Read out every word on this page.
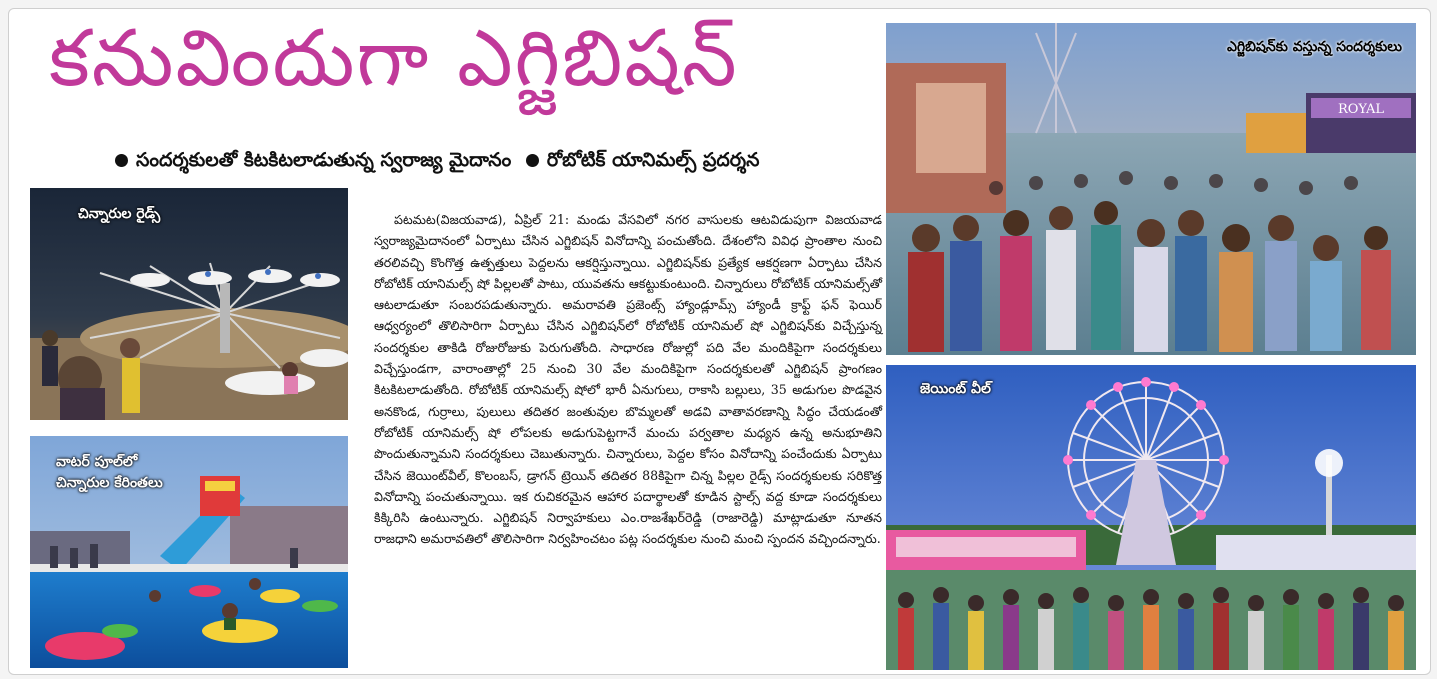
కనువిందుగా ఎగ్జిబిషన్
సందర్శకులతో కిటకిటలాడుతున్న స్వరాజ్య మైదానం రోబోటిక్ యానిమల్స్ ప్రదర్శన
చిన్నారుల రైడ్స్
వాటర్ పూల్‌లో
చిన్నారుల కేరింతలు

పటమట(విజయవాడ), ఏప్రిల్ 21: మండు వేసవిలో నగర వాసులకు ఆటవిడుపుగా విజయవాడ స్వరాజ్యమైదానంలో ఏర్పాటు చేసిన ఎగ్జిబిషన్ వినోదాన్ని పంచుతోంది. దేశంలోని వివిధ ప్రాంతాల నుంచి తరలివచ్చి కొంగొత్త ఉత్పత్తులు పెద్దలను ఆకర్షిస్తున్నాయి. ఎగ్జిబిషన్‌కు ప్రత్యేక ఆకర్షణగా ఏర్పాటు చేసిన రోబోటిక్ యానిమల్స్ షో పిల్లలతో పాటు, యువతను ఆకట్టుకుంటుంది. చిన్నారులు రోబోటిక్ యానిమల్స్‌తో ఆటలాడుతూ సంబరపడుతున్నారు. అమరావతి ప్రజెంట్స్ హ్యాండ్లూమ్స్ హ్యాండీ క్రాఫ్ట్ ఫన్ ఫెయిర్ ఆధ్వర్యంలో తొలిసారిగా ఏర్పాటు చేసిన ఎగ్జిబిషన్‌లో రోబోటిక్ యానిమల్ షో ఎగ్జిబిషన్‌కు విచ్చేస్తున్న సందర్శకుల తాకిడి రోజురోజుకు పెరుగుతోంది. సాధారణ రోజుల్లో పది వేల మందికిపైగా సందర్శకులు విచ్చేస్తుండగా, వారాంతాల్లో 25 నుంచి 30 వేల మందికిపైగా సందర్శకులతో ఎగ్జిబిషన్ ప్రాంగణం కిటకిటలాడుతోంది. రోబోటిక్ యానిమల్స్ షోలో భారీ ఏనుగులు, రాకాసి బల్లులు, 35 అడుగుల పొడవైన అనకొండ, గుర్రాలు, పులులు తదితర జంతువుల బొమ్మలతో అడవి వాతావరణాన్ని సిద్ధం చేయడంతో రోబోటిక్ యానిమల్స్ షో లోపలకు అడుగుపెట్టగానే మంచు పర్వతాల మధ్యన ఉన్న అనుభూతిని పొందుతున్నామని సందర్శకులు చెబుతున్నారు. చిన్నారులు, పెద్దల కోసం వినోదాన్ని పంచేందుకు ఏర్పాటు చేసిన జెయింట్‌వీల్, కొలంబస్, డ్రాగన్ ట్రెయిన్ తదితర 88కిపైగా చిన్న పిల్లల రైడ్స్ సందర్శకులకు సరికొత్త వినోదాన్ని పంచుతున్నాయి. ఇక రుచికరమైన ఆహార పదార్థాలతో కూడిన స్టాల్స్ వద్ద కూడా సందర్శకులు కిక్కిరిసి ఉంటున్నారు. ఎగ్జిబిషన్ నిర్వాహకులు ఎం.రాజశేఖర్‌రెడ్డి (రాజారెడ్డి) మాట్లాడుతూ నూతన రాజధాని అమరావతిలో తొలిసారిగా నిర్వహించటం పట్ల సందర్శకుల నుంచి మంచి స్పందన వచ్చిందన్నారు.

ROYAL
ఎగ్జిబిషన్‌కు వస్తున్న సందర్శకులు
జెయింట్ వీల్
